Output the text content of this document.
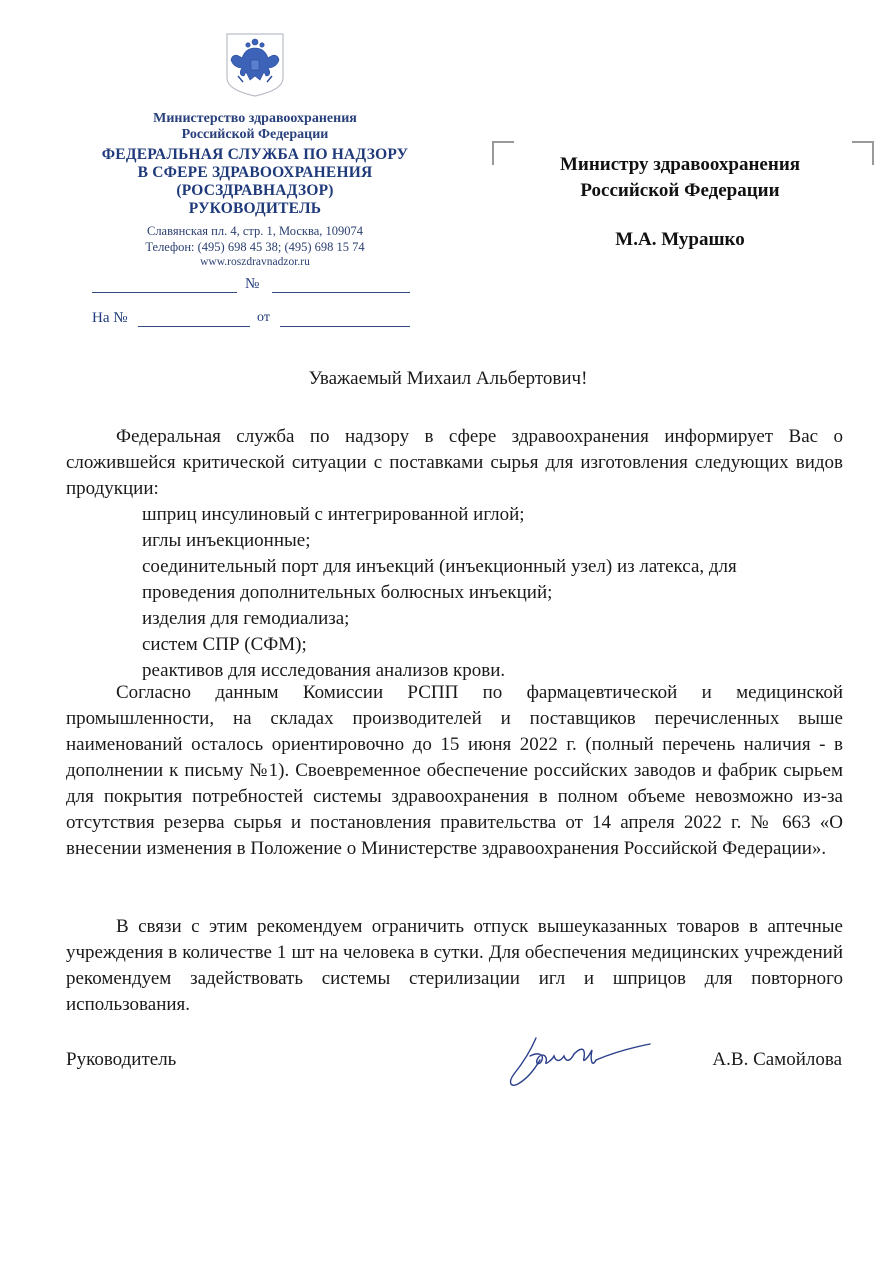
Министерство здравоохранения
Российской Федерации
ФЕДЕРАЛЬНАЯ СЛУЖБА ПО НАДЗОРУ
В СФЕРЕ ЗДРАВООХРАНЕНИЯ
(РОСЗДРАВНАДЗОР)
РУКОВОДИТЕЛЬ
Славянская пл. 4, стр. 1, Москва, 109074
Телефон: (495) 698 45 38; (495) 698 15 74
www.roszdravnadzor.ru
№
На №	от
Министру здравоохранения
Российской Федерации
М.А. Мурашко
Уважаемый Михаил Альбертович!
Федеральная служба по надзору в сфере здравоохранения информирует Вас о сложившейся критической ситуации с поставками сырья для изготовления следующих видов продукции:
шприц инсулиновый с интегрированной иглой;
иглы инъекционные;
соединительный порт для инъекций (инъекционный узел) из латекса, для
проведения дополнительных болюсных инъекций;
изделия для гемодиализа;
систем СПР (СФМ);
реактивов для исследования анализов крови.
Согласно данным Комиссии РСПП по фармацевтической и медицинской промышленности, на складах производителей и поставщиков перечисленных выше наименований осталось ориентировочно до 15 июня 2022 г. (полный перечень наличия - в дополнении к письму №1). Своевременное обеспечение российских заводов и фабрик сырьем для покрытия потребностей системы здравоохранения в полном объеме невозможно из-за отсутствия резерва сырья и постановления правительства от 14 апреля 2022 г. № 663 «О внесении изменения в Положение о Министерстве здравоохранения Российской Федерации».
В связи с этим рекомендуем ограничить отпуск вышеуказанных товаров в аптечные учреждения в количестве 1 шт на человека в сутки. Для обеспечения медицинских учреждений рекомендуем задействовать системы стерилизации игл и шприцов для повторного использования.
Руководитель	А.В. Самойлова
